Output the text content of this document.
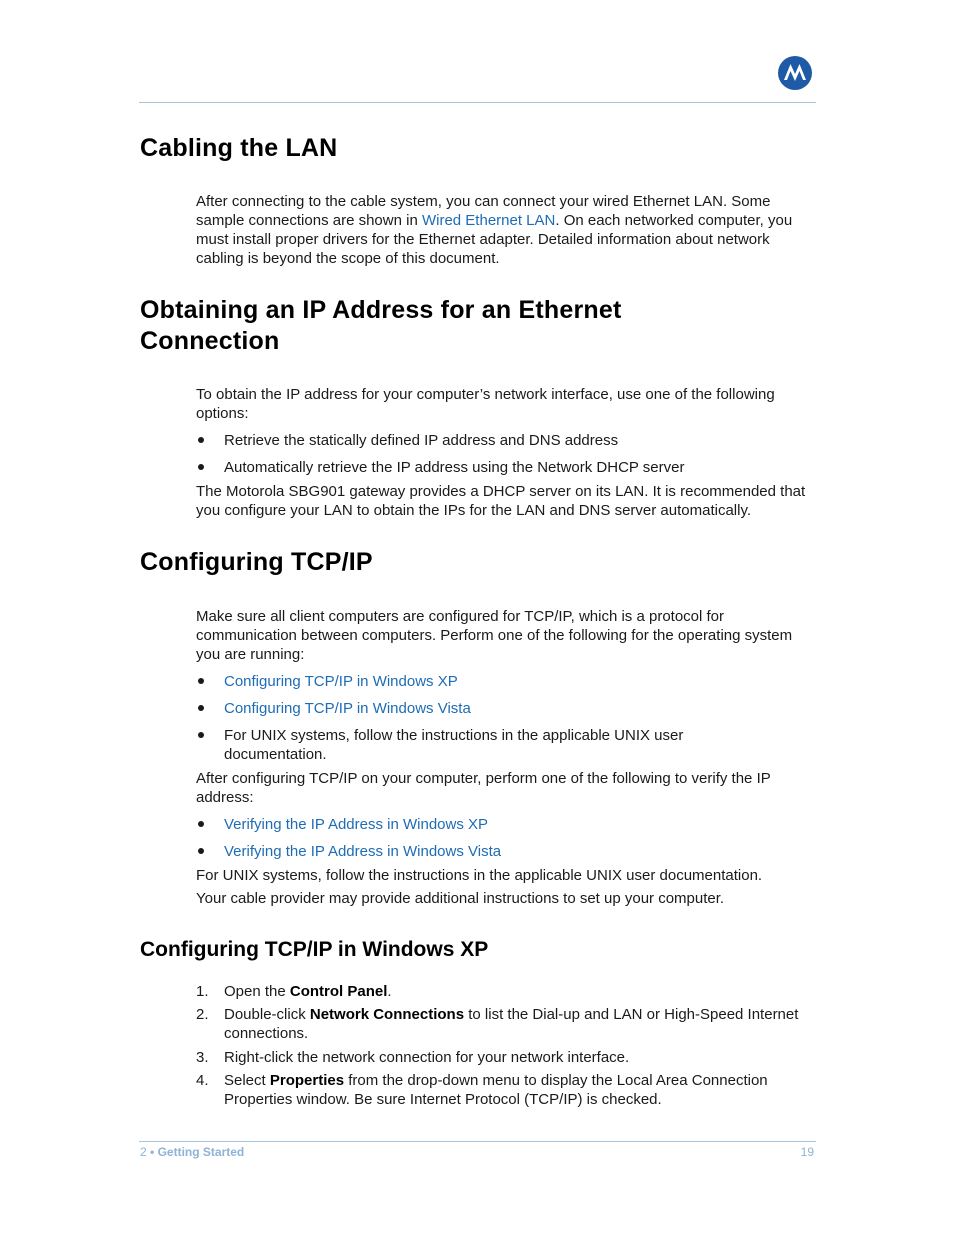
Cabling the LAN

After connecting to the cable system, you can connect your wired Ethernet LAN. Some sample connections are shown in Wired Ethernet LAN. On each networked computer, you must install proper drivers for the Ethernet adapter. Detailed information about network cabling is beyond the scope of this document.

Obtaining an IP Address for an Ethernet
Connection

To obtain the IP address for your computer’s network interface, use one of the following options:

Retrieve the statically defined IP address and DNS address
Automatically retrieve the IP address using the Network DHCP server

The Motorola SBG901 gateway provides a DHCP server on its LAN. It is recommended that you configure your LAN to obtain the IPs for the LAN and DNS server automatically.

Configuring TCP/IP

Make sure all client computers are configured for TCP/IP, which is a protocol for communication between computers. Perform one of the following for the operating system you are running:

Configuring TCP/IP in Windows XP
Configuring TCP/IP in Windows Vista
For UNIX systems, follow the instructions in the applicable UNIX user documentation.

After configuring TCP/IP on your computer, perform one of the following to verify the IP address:

Verifying the IP Address in Windows XP
Verifying the IP Address in Windows Vista

For UNIX systems, follow the instructions in the applicable UNIX user documentation.

Your cable provider may provide additional instructions to set up your computer.

Configuring TCP/IP in Windows XP
1.	Open the Control Panel.
2.	Double-click Network Connections to list the Dial-up and LAN or High-Speed Internet connections.
3.	Right-click the network connection for your network interface.
4.	Select Properties from the drop-down menu to display the Local Area Connection Properties window. Be sure Internet Protocol (TCP/IP) is checked.
2 • Getting Started	19
